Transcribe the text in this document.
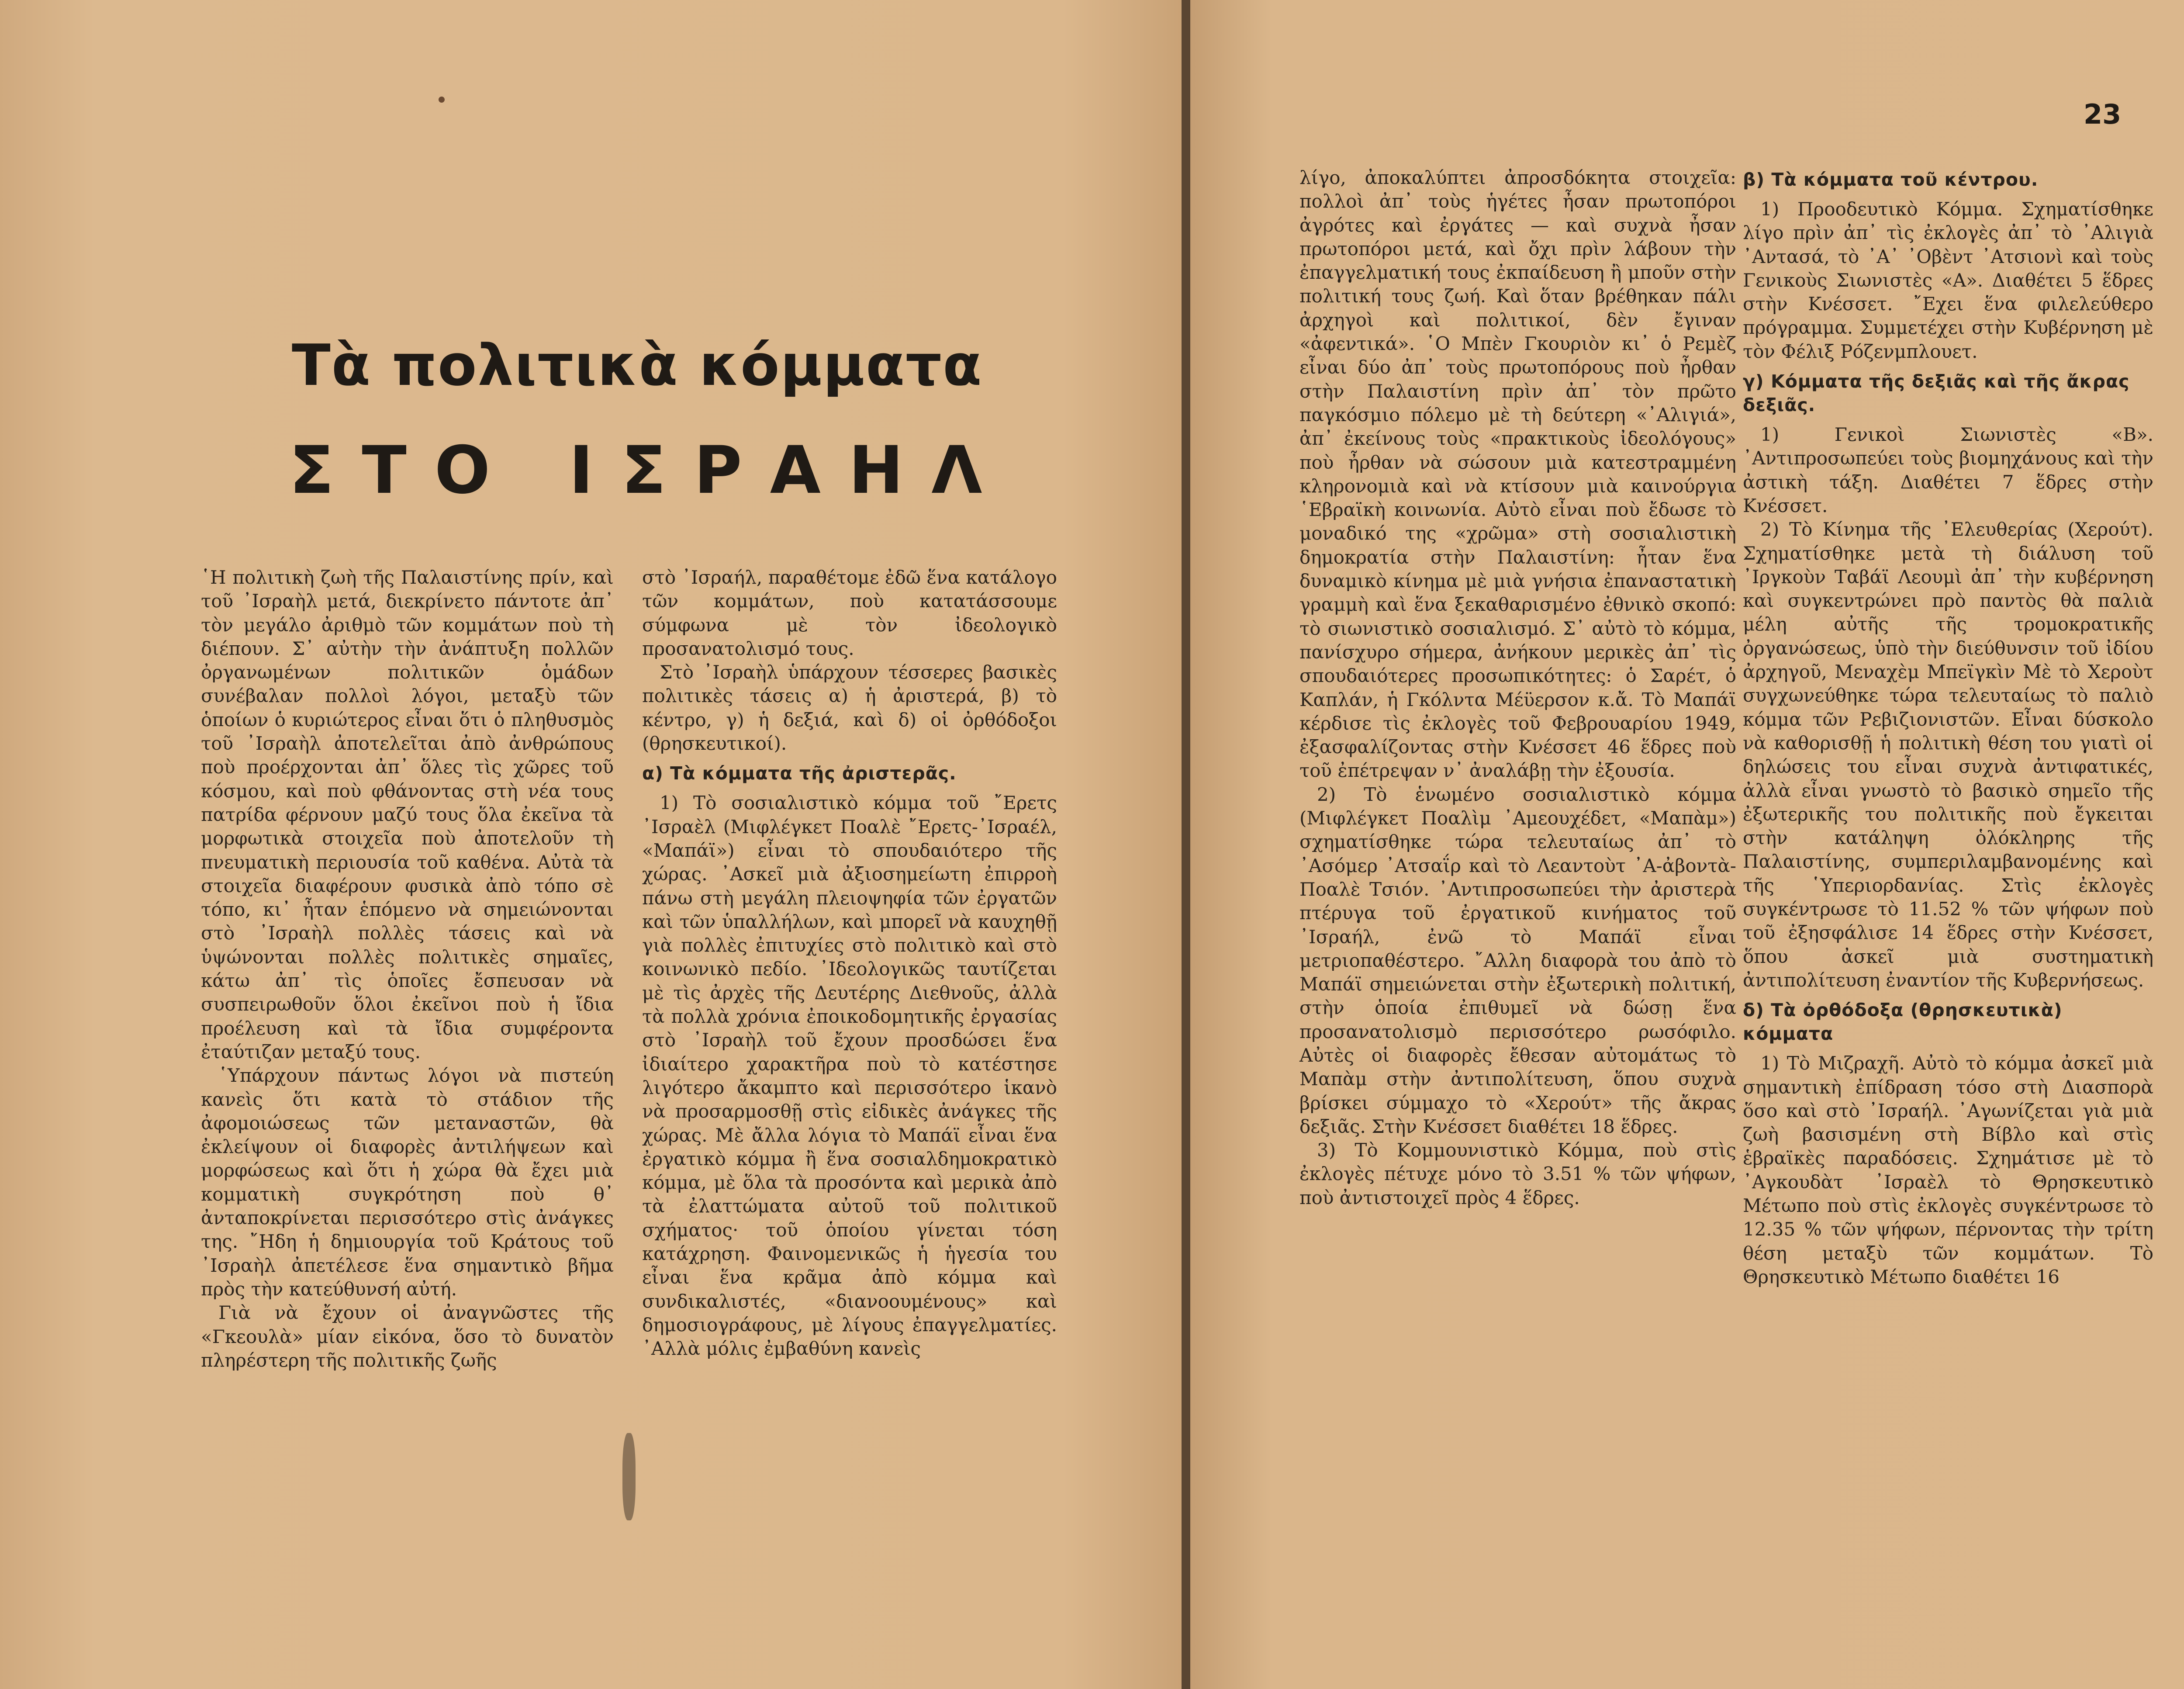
Τὰ πολιτικὰ κόμματα
ΣΤΟ ΙΣΡΑΗΛ
23

῾Η πολιτικὴ ζωὴ τῆς Παλαιστίνης πρίν, καὶ τοῦ ᾿Ισραὴλ μετά, διεκρίνετο πάντοτε ἀπ᾿ τὸν μεγάλο ἀριθμὸ τῶν κομμάτων ποὺ τὴ διέπουν. Σ᾿ αὐτὴν τὴν ἀνάπτυξη πολλῶν ὀργανωμένων πολιτικῶν ὁμάδων συνέβαλαν πολλοὶ λόγοι, μεταξὺ τῶν ὁποίων ὁ κυριώτερος εἶναι ὅτι ὁ πληθυσμὸς τοῦ ᾿Ισραὴλ ἀποτελεῖται ἀπὸ ἀνθρώπους ποὺ προέρχονται ἀπ᾿ ὅλες τὶς χῶρες τοῦ κόσμου, καὶ ποὺ φθάνοντας στὴ νέα τους πατρίδα φέρνουν μαζύ τους ὅλα ἐκεῖνα τὰ μορφωτικὰ στοιχεῖα ποὺ ἀποτελοῦν τὴ πνευματικὴ περιουσία τοῦ καθένα. Αὐτὰ τὰ στοιχεῖα διαφέρουν φυσικὰ ἀπὸ τόπο σὲ τόπο, κι᾿ ἦταν ἑπόμενο νὰ σημειώνονται στὸ ᾿Ισραὴλ πολλὲς τάσεις καὶ νὰ ὑψώνονται πολλὲς πολιτικὲς σημαῖες, κάτω ἀπ᾿ τὶς ὁποῖες ἔσπευσαν νὰ συσπειρωθοῦν ὅλοι ἐκεῖνοι ποὺ ἡ ἴδια προέλευση καὶ τὰ ἴδια συμφέροντα ἐταύτιζαν μεταξύ τους.

῾Υπάρχουν πάντως λόγοι νὰ πιστεύη κανεὶς ὅτι κατὰ τὸ στάδιον τῆς ἀφομοιώσεως τῶν μεταναστῶν, θὰ ἐκλείψουν οἱ διαφορὲς ἀντιλήψεων καὶ μορφώσεως καὶ ὅτι ἡ χώρα θὰ ἔχει μιὰ κομματικὴ συγκρότηση ποὺ θ᾿ ἀνταποκρίνεται περισσότερο στὶς ἀνάγκες της. ῎Ηδη ἡ δημιουργία τοῦ Κράτους τοῦ ᾿Ισραὴλ ἀπετέλεσε ἕνα σημαντικὸ βῆμα πρὸς τὴν κατεύθυνσή αὐτή.

Γιὰ νὰ ἔχουν οἱ ἀναγνῶστες τῆς «Γκεουλὰ» μίαν εἰκόνα, ὅσο τὸ δυνατὸν πληρέστερη τῆς πολιτικῆς ζωῆς

στὸ ᾿Ισραήλ, παραθέτομε ἐδῶ ἕνα κατάλογο τῶν κομμάτων, ποὺ κατατάσσουμε σύμφωνα μὲ τὸν ἰδεολογικὸ προσανατολισμό τους.

Στὸ ᾿Ισραὴλ ὑπάρχουν τέσσερες βασικὲς πολιτικὲς τάσεις α) ἡ ἀριστερά, β) τὸ κέντρο, γ) ἡ δεξιά, καὶ δ) οἱ ὀρθόδοξοι (θρησκευτικοί).

α) Τὰ κόμματα τῆς ἀριστερᾶς.

1) Τὸ σοσιαλιστικὸ κόμμα τοῦ ῎Ερετς ᾿Ισραὲλ (Μιφλέγκετ Ποαλὲ ῎Ερετς-᾿Ισραέλ, «Μαπάϊ») εἶναι τὸ σπουδαιότερο τῆς χώρας. ᾿Ασκεῖ μιὰ ἀξιοσημείωτη ἐπιρροὴ πάνω στὴ μεγάλη πλειοψηφία τῶν ἐργατῶν καὶ τῶν ὑπαλλήλων, καὶ μπορεῖ νὰ καυχηθῇ γιὰ πολλὲς ἐπιτυχίες στὸ πολιτικὸ καὶ στὸ κοινωνικὸ πεδίο. ᾿Ιδεολογικῶς ταυτίζεται μὲ τὶς ἀρχὲς τῆς Δευτέρης Διεθνοῦς, ἀλλὰ τὰ πολλὰ χρόνια ἐποικοδομητικῆς ἐργασίας στὸ ᾿Ισραὴλ τοῦ ἔχουν προσδώσει ἕνα ἰδιαίτερο χαρακτῆρα ποὺ τὸ κατέστησε λιγότερο ἄκαμπτο καὶ περισσότερο ἱκανὸ νὰ προσαρμοσθῇ στὶς εἰδικὲς ἀνάγκες τῆς χώρας. Μὲ ἄλλα λόγια τὸ Μαπάϊ εἶναι ἕνα ἐργατικὸ κόμμα ἢ ἕνα σοσιαλδημοκρατικὸ κόμμα, μὲ ὅλα τὰ προσόντα καὶ μερικὰ ἀπὸ τὰ ἐλαττώματα αὐτοῦ τοῦ πολιτικοῦ σχήματος· τοῦ ὁποίου γίνεται τόση κατάχρηση. Φαινομενικῶς ἡ ἡγεσία του εἶναι ἕνα κρᾶμα ἀπὸ κόμμα καὶ συνδικαλιστές, «διανοουμένους» καὶ δημοσιογράφους, μὲ λίγους ἐπαγγελματίες. ᾿Αλλὰ μόλις ἐμβαθύνη κανεὶς

λίγο, ἀποκαλύπτει ἀπροσδόκητα στοιχεῖα: πολλοὶ ἀπ᾿ τοὺς ἡγέτες ἦσαν πρωτοπόροι ἀγρότες καὶ ἐργάτες — καὶ συχνὰ ἦσαν πρωτοπόροι μετά, καὶ ὄχι πρὶν λάβουν τὴν ἐπαγγελματική τους ἐκπαίδευση ἢ μποῦν στὴν πολιτική τους ζωή. Καὶ ὅταν βρέθηκαν πάλι ἀρχηγοὶ καὶ πολιτικοί, δὲν ἔγιναν «ἀφεντικά». ῾Ο Μπὲν Γκουριὸν κι᾿ ὁ Ρεμὲζ εἶναι δύο ἀπ᾿ τοὺς πρωτοπόρους ποὺ ἦρθαν στὴν Παλαιστίνη πρὶν ἀπ᾿ τὸν πρῶτο παγκόσμιο πόλεμο μὲ τὴ δεύτερη «᾿Αλιγιά», ἀπ᾿ ἐκείνους τοὺς «πρακτικοὺς ἰδεολόγους» ποὺ ἦρθαν νὰ σώσουν μιὰ κατεστραμμένη κληρονομιὰ καὶ νὰ κτίσουν μιὰ καινούργια ῾Εβραϊκὴ κοινωνία. Αὐτὸ εἶναι ποὺ ἔδωσε τὸ μοναδικό της «χρῶμα» στὴ σοσιαλιστικὴ δημοκρατία στὴν Παλαιστίνη: ἦταν ἕνα δυναμικὸ κίνημα μὲ μιὰ γνήσια ἐπαναστατικὴ γραμμὴ καὶ ἕνα ξεκαθαρισμένο ἐθνικὸ σκοπό: τὸ σιωνιστικὸ σοσιαλισμό. Σ᾿ αὐτὸ τὸ κόμμα, πανίσχυρο σήμερα, ἀνήκουν μερικὲς ἀπ᾿ τὶς σπουδαιότερες προσωπικότητες: ὁ Σαρέτ, ὁ Καπλάν, ἡ Γκόλντα Μέϋερσον κ.ἄ. Τὸ Μαπάϊ κέρδισε τὶς ἐκλογὲς τοῦ Φεβρουαρίου 1949, ἐξασφαλίζοντας στὴν Κνέσσετ 46 ἕδρες ποὺ τοῦ ἐπέτρεψαν ν᾿ ἀναλάβῃ τὴν ἐξουσία.

2) Τὸ ἑνωμένο σοσιαλιστικὸ κόμμα (Μιφλέγκετ Ποαλὶμ ᾿Αμεουχέδετ, «Μαπὰμ») σχηματίσθηκε τώρα τελευταίως ἀπ᾿ τὸ ᾿Ασόμερ ᾿Ατσαΐρ καὶ τὸ Λεαντοὺτ ᾿Α-ἀβοντὰ-Ποαλὲ Τσιόν. ᾿Αντιπροσωπεύει τὴν ἀριστερὰ πτέρυγα τοῦ ἐργατικοῦ κινήματος τοῦ ᾿Ισραήλ, ἐνῶ τὸ Μαπάϊ εἶναι μετριοπαθέστερο. ῎Αλλη διαφορὰ του ἀπὸ τὸ Μαπάϊ σημειώνεται στὴν ἐξωτερικὴ πολιτική, στὴν ὁποία ἐπιθυμεῖ νὰ δώσῃ ἕνα προσανατολισμὸ περισσότερο ρωσόφιλο. Αὐτὲς οἱ διαφορὲς ἔθεσαν αὐτομάτως τὸ Μαπὰμ στὴν ἀντιπολίτευση, ὅπου συχνὰ βρίσκει σύμμαχο τὸ «Χερούτ» τῆς ἄκρας δεξιᾶς. Στὴν Κνέσσετ διαθέτει 18 ἕδρες.

3) Τὸ Κομμουνιστικὸ Κόμμα, ποὺ στὶς ἐκλογὲς πέτυχε μόνο τὸ 3.51 % τῶν ψήφων, ποὺ ἀντιστοιχεῖ πρὸς 4 ἕδρες.

β) Τὰ κόμματα τοῦ κέντρου.

1) Προοδευτικὸ Κόμμα. Σχηματίσθηκε λίγο πρὶν ἀπ᾿ τὶς ἐκλογὲς ἀπ᾿ τὸ ᾿Αλιγιὰ ᾿Αντασά, τὸ ᾿Α᾿ ᾿Οβὲντ ᾿Ατσιονὶ καὶ τοὺς Γενικοὺς Σιωνιστὲς «Α». Διαθέτει 5 ἕδρες στὴν Κνέσσετ. ῎Εχει ἕνα φιλελεύθερο πρόγραμμα. Συμμετέχει στὴν Κυβέρνηση μὲ τὸν Φέλιξ Ρόζενμπλουετ.

γ) Κόμματα τῆς δεξιᾶς καὶ τῆς ἄκρας δεξιᾶς.

1) Γενικοὶ Σιωνιστὲς «Β». ᾿Αντιπροσωπεύει τοὺς βιομηχάνους καὶ τὴν ἀστικὴ τάξη. Διαθέτει 7 ἕδρες στὴν Κνέσσετ.

2) Τὸ Κίνημα τῆς ᾿Ελευθερίας (Χερούτ). Σχηματίσθηκε μετὰ τὴ διάλυση τοῦ ᾿Ιργκοὺν Ταβάϊ Λεουμὶ ἀπ᾿ τὴν κυβέρνηση καὶ συγκεντρώνει πρὸ παντὸς θὰ παλιὰ μέλη αὐτῆς τῆς τρομοκρατικῆς ὀργανώσεως, ὑπὸ τὴν διεύθυνσιν τοῦ ἰδίου ἀρχηγοῦ, Μεναχὲμ Μπεϊγκὶν Μὲ τὸ Χεροὺτ συγχωνεύθηκε τώρα τελευταίως τὸ παλιὸ κόμμα τῶν Ρεβιζιονιστῶν. Εἶναι δύσκολο νὰ καθορισθῇ ἡ πολιτικὴ θέση του γιατὶ οἱ δηλώσεις του εἶναι συχνὰ ἀντιφατικές, ἀλλὰ εἶναι γνωστὸ τὸ βασικὸ σημεῖο τῆς ἐξωτερικῆς του πολιτικῆς ποὺ ἔγκειται στὴν κατάληψη ὁλόκληρης τῆς Παλαιστίνης, συμπεριλαμβανομένης καὶ τῆς ῾Υπεριορδανίας. Στὶς ἐκλογὲς συγκέντρωσε τὸ 11.52 % τῶν ψήφων ποὺ τοῦ ἐξησφάλισε 14 ἕδρες στὴν Κνέσσετ, ὅπου ἀσκεῖ μιὰ συστηματικὴ ἀντιπολίτευση ἐναντίον τῆς Κυβερνήσεως.

δ) Τὰ ὀρθόδοξα (θρησκευτικὰ) κόμματα

1) Τὸ Μιζραχῆ. Αὐτὸ τὸ κόμμα ἀσκεῖ μιὰ σημαντικὴ ἐπίδραση τόσο στὴ Διασπορὰ ὅσο καὶ στὸ ᾿Ισραήλ. ᾿Αγωνίζεται γιὰ μιὰ ζωὴ βασισμένη στὴ Βίβλο καὶ στὶς ἑβραϊκὲς παραδόσεις. Σχημάτισε μὲ τὸ ᾿Αγκουδὰτ ᾿Ισραὲλ τὸ Θρησκευτικὸ Μέτωπο ποὺ στὶς ἐκλογὲς συγκέντρωσε τὸ 12.35 % τῶν ψήφων, πέρνοντας τὴν τρίτη θέση μεταξὺ τῶν κομμάτων. Τὸ Θρησκευτικὸ Μέτωπο διαθέτει 16
